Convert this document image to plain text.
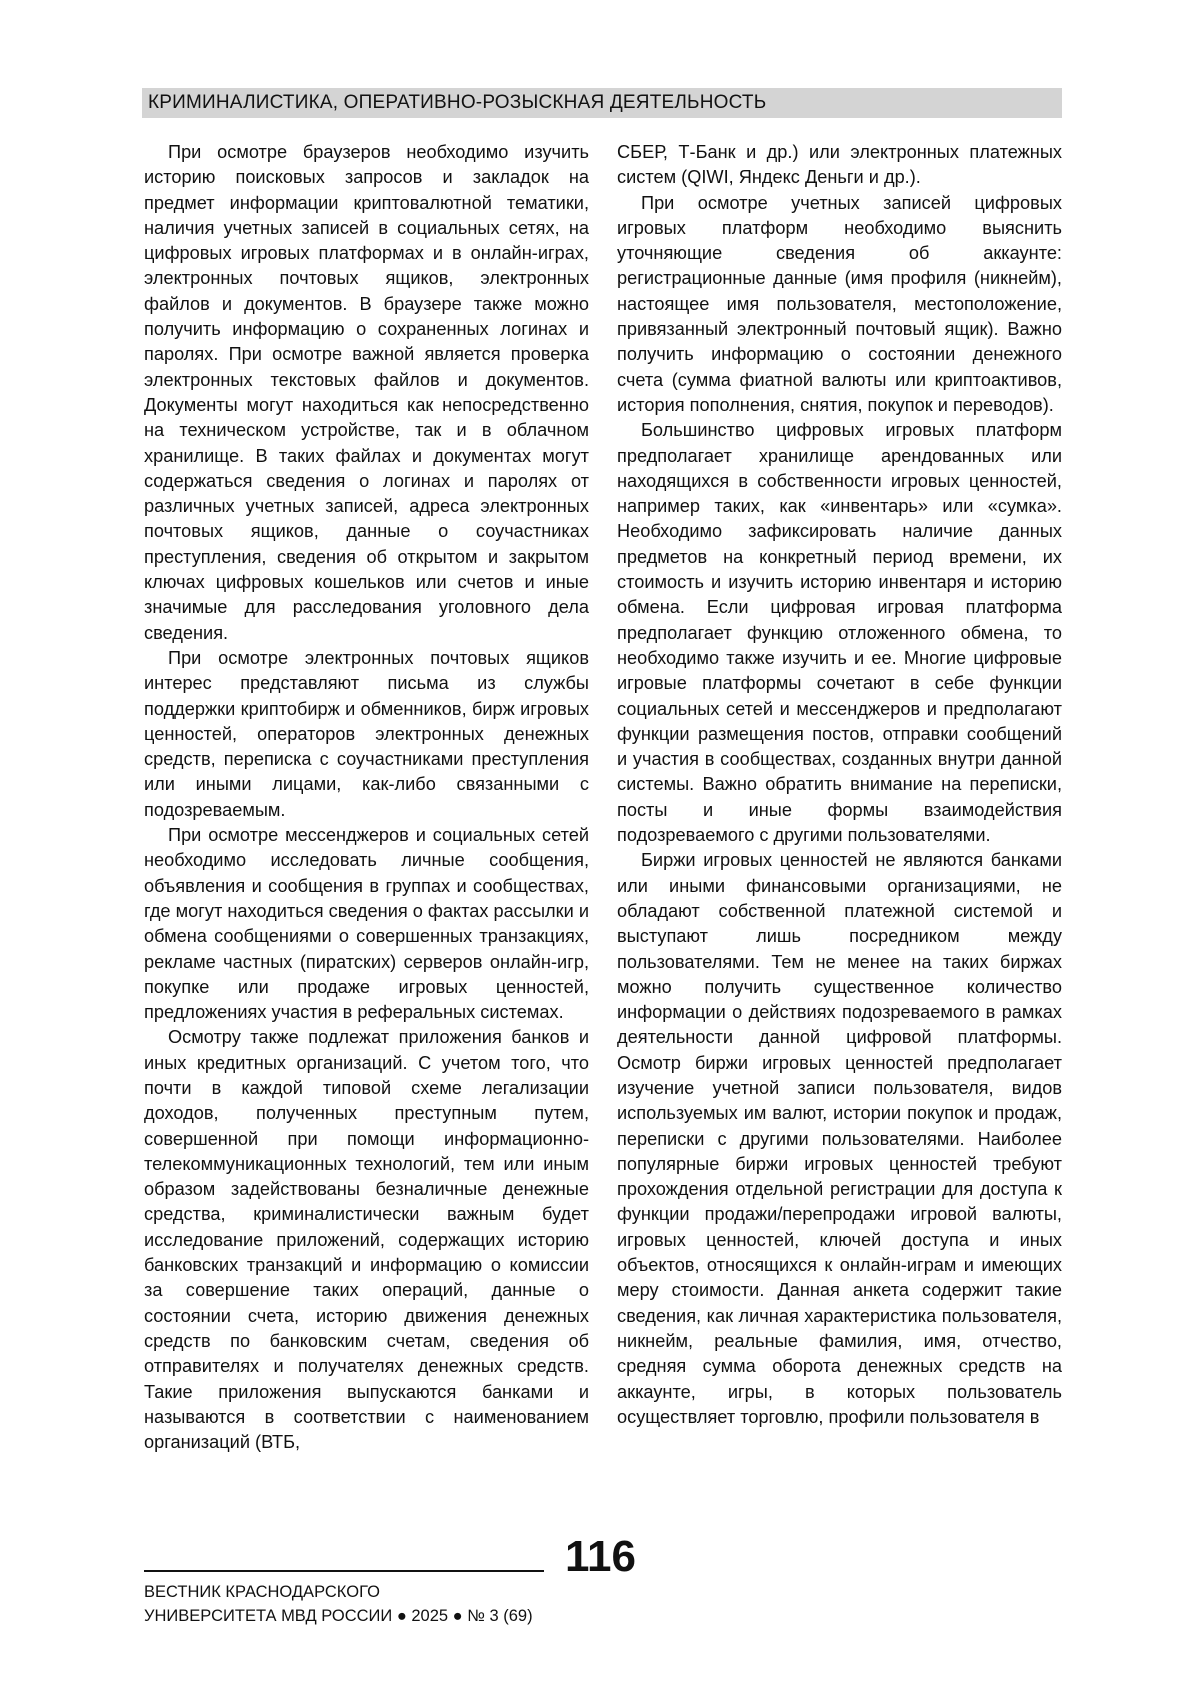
КРИМИНАЛИСТИКА, ОПЕРАТИВНО-РОЗЫСКНАЯ ДЕЯТЕЛЬНОСТЬ

При осмотре браузеров необходимо изучить историю поисковых запросов и закладок на предмет информации криптовалютной тематики, наличия учетных записей в социальных сетях, на цифровых игровых платформах и в онлайн-играх, электронных почтовых ящиков, электронных файлов и документов. В браузере также можно получить информацию о сохраненных логинах и паролях. При осмотре важной является проверка электронных текстовых файлов и документов. Документы могут находиться как непосредственно на техническом устройстве, так и в облачном хранилище. В таких файлах и документах могут содержаться сведения о логинах и паролях от различных учетных записей, адреса электронных почтовых ящиков, данные о соучастниках преступления, сведения об открытом и закрытом ключах цифровых кошельков или счетов и иные значимые для расследования уголовного дела сведения.

При осмотре электронных почтовых ящиков интерес представляют письма из службы поддержки криптобирж и обменников, бирж игровых ценностей, операторов электронных денежных средств, переписка с соучастниками преступления или иными лицами, как-либо связанными с подозреваемым.

При осмотре мессенджеров и социальных сетей необходимо исследовать личные сообщения, объявления и сообщения в группах и сообществах, где могут находиться сведения о фактах рассылки и обмена сообщениями о совершенных транзакциях, рекламе частных (пиратских) серверов онлайн-игр, покупке или продаже игровых ценностей, предложениях участия в реферальных системах.

Осмотру также подлежат приложения банков и иных кредитных организаций. С учетом того, что почти в каждой типовой схеме легализации доходов, полученных преступным путем, совершенной при помощи информационно-телекоммуникационных технологий, тем или иным образом задействованы безналичные денежные средства, криминалистически важным будет исследование приложений, содержащих историю банковских транзакций и информацию о комиссии за совершение таких операций, данные о состоянии счета, историю движения денежных средств по банковским счетам, сведения об отправителях и получателях денежных средств. Такие приложения выпускаются банками и называются в соответствии с наименованием организаций (ВТБ,

СБЕР, Т-Банк и др.) или электронных платежных систем (QIWI, Яндекс Деньги и др.).

При осмотре учетных записей цифровых игровых платформ необходимо выяснить уточняющие сведения об аккаунте: регистрационные данные (имя профиля (никнейм), настоящее имя пользователя, местоположение, привязанный электронный почтовый ящик). Важно получить информацию о состоянии денежного счета (сумма фиатной валюты или криптоактивов, история пополнения, снятия, покупок и переводов).

Большинство цифровых игровых платформ предполагает хранилище арендованных или находящихся в собственности игровых ценностей, например таких, как «инвентарь» или «сумка». Необходимо зафиксировать наличие данных предметов на конкретный период времени, их стоимость и изучить историю инвентаря и историю обмена. Если цифровая игровая платформа предполагает функцию отложенного обмена, то необходимо также изучить и ее. Многие цифровые игровые платформы сочетают в себе функции социальных сетей и мессенджеров и предполагают функции размещения постов, отправки сообщений и участия в сообществах, созданных внутри данной системы. Важно обратить внимание на переписки, посты и иные формы взаимодействия подозреваемого с другими пользователями.

Биржи игровых ценностей не являются банками или иными финансовыми организациями, не обладают собственной платежной системой и выступают лишь посредником между пользователями. Тем не менее на таких биржах можно получить существенное количество информации о действиях подозреваемого в рамках деятельности данной цифровой платформы. Осмотр биржи игровых ценностей предполагает изучение учетной записи пользователя, видов используемых им валют, истории покупок и продаж, переписки с другими пользователями. Наиболее популярные биржи игровых ценностей требуют прохождения отдельной регистрации для доступа к функции продажи/перепродажи игровой валюты, игровых ценностей, ключей доступа и иных объектов, относящихся к онлайн-играм и имеющих меру стоимости. Данная анкета содержит такие сведения, как личная характеристика пользователя, никнейм, реальные фамилия, имя, отчество, средняя сумма оборота денежных средств на аккаунте, игры, в которых пользователь осуществляет торговлю, профили пользователя в

116
ВЕСТНИК КРАСНОДАРСКОГО
УНИВЕРСИТЕТА МВД РОССИИ ● 2025 ● № 3 (69)
